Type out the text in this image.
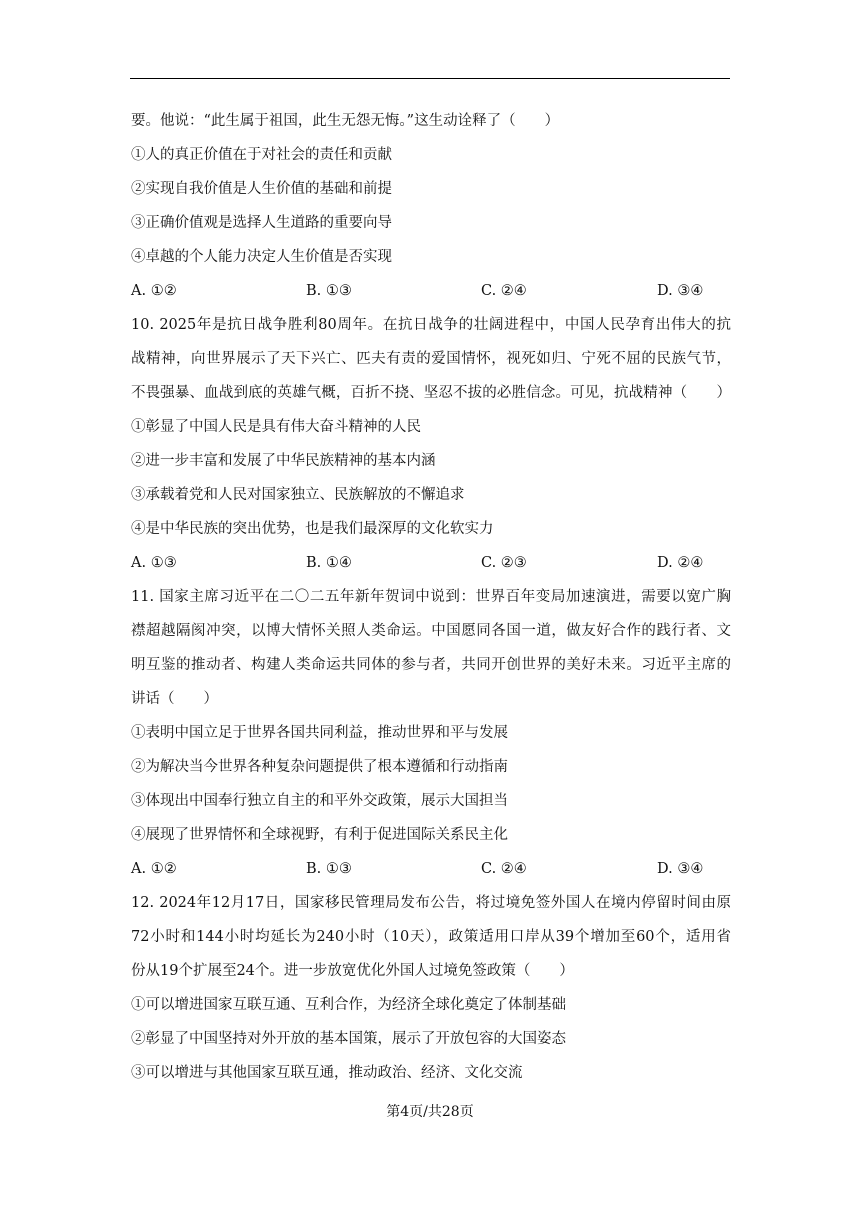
要。他说：“此生属于祖国，此生无怨无悔。”这生动诠释了（　　）
①人的真正价值在于对社会的责任和贡献
②实现自我价值是人生价值的基础和前提
③正确价值观是选择人生道路的重要向导
④卓越的个人能力决定人生价值是否实现
A. ①②	B. ①③	C. ②④	D. ③④
10. 2025年是抗日战争胜利80周年。在抗日战争的壮阔进程中，中国人民孕育出伟大的抗
战精神，向世界展示了天下兴亡、匹夫有责的爱国情怀，视死如归、宁死不屈的民族气节，
不畏强暴、血战到底的英雄气概，百折不挠、坚忍不拔的必胜信念。可见，抗战精神（　　）
①彰显了中国人民是具有伟大奋斗精神的人民
②进一步丰富和发展了中华民族精神的基本内涵
③承载着党和人民对国家独立、民族解放的不懈追求
④是中华民族的突出优势，也是我们最深厚的文化软实力
A. ①③	B. ①④	C. ②③	D. ②④
11. 国家主席习近平在二〇二五年新年贺词中说到：世界百年变局加速演进，需要以宽广胸
襟超越隔阂冲突，以博大情怀关照人类命运。中国愿同各国一道，做友好合作的践行者、文
明互鉴的推动者、构建人类命运共同体的参与者，共同开创世界的美好未来。习近平主席的
讲话（　　）
①表明中国立足于世界各国共同利益，推动世界和平与发展
②为解决当今世界各种复杂问题提供了根本遵循和行动指南
③体现出中国奉行独立自主的和平外交政策，展示大国担当
④展现了世界情怀和全球视野，有利于促进国际关系民主化
A. ①②	B. ①③	C. ②④	D. ③④
12. 2024年12月17日，国家移民管理局发布公告，将过境免签外国人在境内停留时间由原
72小时和144小时均延长为240小时（10天），政策适用口岸从39个增加至60个，适用省
份从19个扩展至24个。进一步放宽优化外国人过境免签政策（　　）
①可以增进国家互联互通、互利合作，为经济全球化奠定了体制基础
②彰显了中国坚持对外开放的基本国策，展示了开放包容的大国姿态
③可以增进与其他国家互联互通，推动政治、经济、文化交流
第4页/共28页
